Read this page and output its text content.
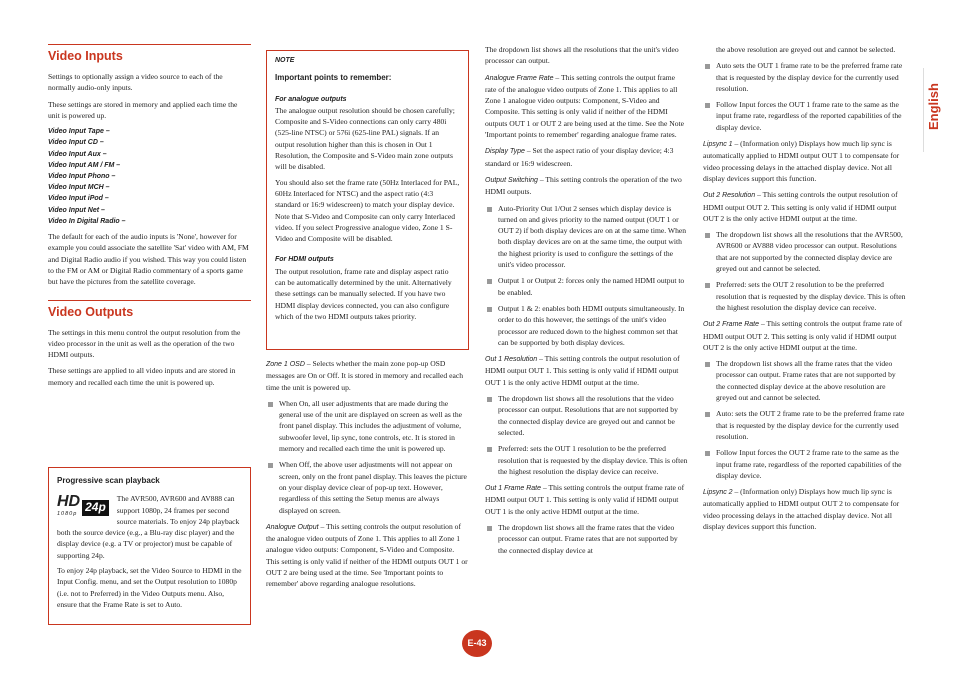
Video Inputs

Settings to optionally assign a video source to each of the normally audio-only inputs.

These settings are stored in memory and applied each time the unit is powered up.

Video Input Tape –
Video Input CD –
Video Input Aux –
Video Input AM / FM –
Video Input Phono –
Video Input MCH –
Video Input iPod –
Video Input Net –
Video In Digital Radio –

The default for each of the audio inputs is 'None', however for example you could associate the satellite 'Sat' video with AM, FM and Digital Radio audio if you wished. This way you could listen to the FM or AM or Digital Radio commentary of a sports game but have the pictures from the satellite coverage.

Video Outputs

The settings in this menu control the output resolution from the video processor in the unit as well as the operation of the two HDMI outputs.

These settings are applied to all video inputs and are stored in memory and recalled each time the unit is powered up.

Progressive scan playback
HD
1080p 24p

The AVR500, AVR600 and AV888 can support 1080p, 24 frames per second source materials. To enjoy 24p playback both the source device (e.g., a Blu-ray disc player) and the display device (e.g. a TV or projector) must be capable of supporting 24p.

To enjoy 24p playback, set the Video Source to HDMI in the Input Config. menu, and set the Output resolution to 1080p (i.e. not to Preferred) in the Video Outputs menu. Also, ensure that the Frame Rate is set to Auto.

NOTE
Important points to remember:
For analogue outputs

The analogue output resolution should be chosen carefully; Composite and S-Video connections can only carry 480i (525-line NTSC) or 576i (625-line PAL) signals. If an output resolution higher than this is chosen in Out 1 Resolution, the Composite and S-Video main zone outputs will be disabled.

You should also set the frame rate (50Hz Interlaced for PAL, 60Hz Interlaced for NTSC) and the aspect ratio (4:3 standard or 16:9 widescreen) to match your display device. Note that S-Video and Composite can only carry Interlaced video. If you select Progressive analogue video, Zone 1 S-Video and Composite will be disabled.

For HDMI outputs

The output resolution, frame rate and display aspect ratio can be automatically determined by the unit. Alternatively these settings can be manually selected. If you have two HDMI display devices connected, you can also configure which of the two HDMI outputs takes priority.

Zone 1 OSD – Selects whether the main zone pop-up OSD messages are On or Off. It is stored in memory and recalled each time the unit is powered up.

When On, all user adjustments that are made during the general use of the unit are displayed on screen as well as the front panel display. This includes the adjustment of volume, subwoofer level, lip sync, tone controls, etc. It is stored in memory and recalled each time the unit is powered up.
When Off, the above user adjustments will not appear on screen, only on the front panel display. This leaves the picture on your display device clear of pop-up text. However, regardless of this setting the Setup menus are always displayed on screen.

Analogue Output – This setting controls the output resolution of the analogue video outputs of Zone 1. This applies to all Zone 1 analogue video outputs: Component, S-Video and Composite. This setting is only valid if neither of the HDMI outputs OUT 1 or OUT 2 are being used at the time. See 'Important points to remember' above regarding analogue resolutions.

The dropdown list shows all the resolutions that the unit's video processor can output.

Analogue Frame Rate – This setting controls the output frame rate of the analogue video outputs of Zone 1. This applies to all Zone 1 analogue video outputs: Component, S-Video and Composite. This setting is only valid if neither of the HDMI outputs OUT 1 or OUT 2 are being used at the time. See the Note 'Important points to remember' regarding analogue frame rates.

Display Type – Set the aspect ratio of your display device; 4:3 standard or 16:9 widescreen.

Output Switching – This setting controls the operation of the two HDMI outputs.

Auto-Priority Out 1/Out 2 senses which display device is turned on and gives priority to the named output (OUT 1 or OUT 2) if both display devices are on at the same time. When both display devices are on at the same time, the output with the highest priority is used to configure the settings of the unit's video processor.
Output 1 or Output 2: forces only the named HDMI output to be enabled.
Output 1 & 2: enables both HDMI outputs simultaneously. In order to do this however, the settings of the unit's video processor are reduced down to the highest common set that can be supported by both display devices.

Out 1 Resolution – This setting controls the output resolution of HDMI output OUT 1. This setting is only valid if HDMI output OUT 1 is the only active HDMI output at the time.

The dropdown list shows all the resolutions that the video processor can output. Resolutions that are not supported by the connected display device are greyed out and cannot be selected.
Preferred: sets the OUT 1 resolution to be the preferred resolution that is requested by the display device. This is often the highest resolution the display device can receive.

Out 1 Frame Rate – This setting controls the output frame rate of HDMI output OUT 1. This setting is only valid if HDMI output OUT 1 is the only active HDMI output at the time.

The dropdown list shows all the frame rates that the video processor can output. Frame rates that are not supported by the connected display device at

the above resolution are greyed out and cannot be selected.

Auto sets the OUT 1 frame rate to be the preferred frame rate that is requested by the display device for the currently used resolution.
Follow Input forces the OUT 1 frame rate to the same as the input frame rate, regardless of the reported capabilities of the display device.

Lipsync 1 – (Information only) Displays how much lip sync is automatically applied to HDMI output OUT 1 to compensate for video processing delays in the attached display device. Not all display devices support this function.

Out 2 Resolution – This setting controls the output resolution of HDMI output OUT 2. This setting is only valid if HDMI output OUT 2 is the only active HDMI output at the time.

The dropdown list shows all the resolutions that the AVR500, AVR600 or AV888 video processor can output. Resolutions that are not supported by the connected display device are greyed out and cannot be selected.
Preferred: sets the OUT 2 resolution to be the preferred resolution that is requested by the display device. This is often the highest resolution the display device can receive.

Out 2 Frame Rate – This setting controls the output frame rate of HDMI output OUT 2. This setting is only valid if HDMI output OUT 2 is the only active HDMI output at the time.

The dropdown list shows all the frame rates that the video processor can output. Frame rates that are not supported by the connected display device at the above resolution are greyed out and cannot be selected.
Auto: sets the OUT 2 frame rate to be the preferred frame rate that is requested by the display device for the currently used resolution.
Follow Input forces the OUT 2 frame rate to the same as the input frame rate, regardless of the reported capabilities of the display device.

Lipsync 2 – (Information only) Displays how much lip sync is automatically applied to HDMI output OUT 2 to compensate for video processing delays in the attached display device. Not all display devices support this function.

English
E-43
